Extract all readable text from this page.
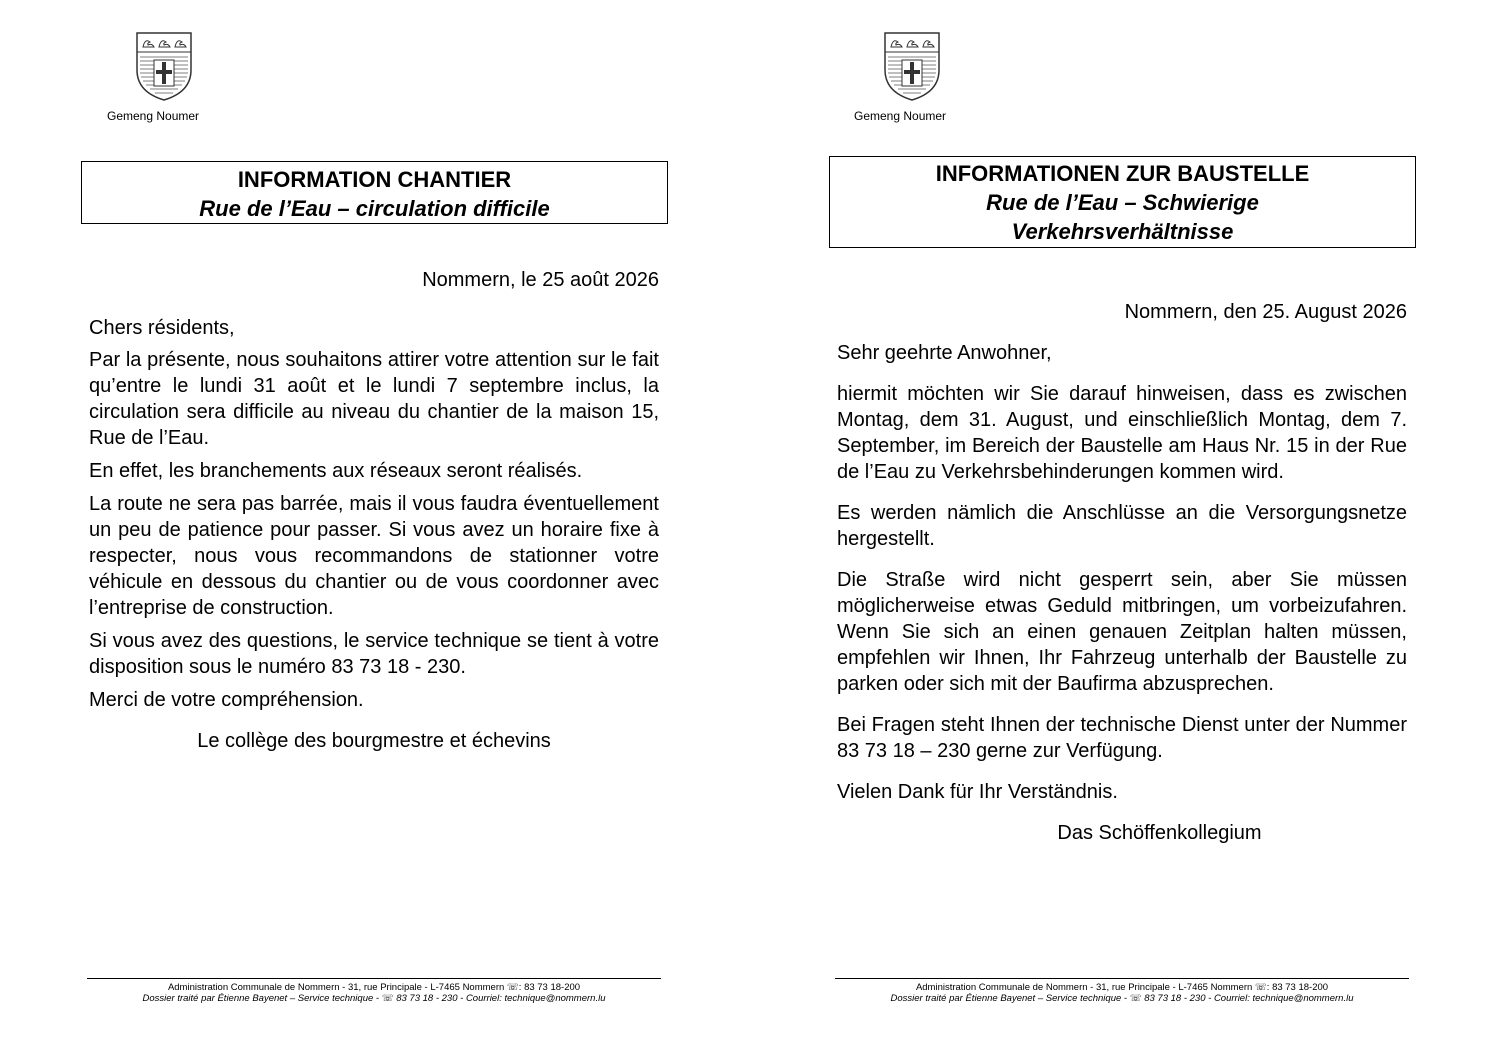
Gemeng Noumer
INFORMATION CHANTIER
Rue de l’Eau – circulation difficile

Nommern, le 25 août 2026

Chers résidents,

Par la présente, nous souhaitons attirer votre attention sur le fait qu’entre le lundi 31 août et le lundi 7 septembre inclus, la circulation sera difficile au niveau du chantier de la maison 15, Rue de l’Eau.

En effet, les branchements aux réseaux seront réalisés.

La route ne sera pas barrée, mais il vous faudra éventuellement un peu de patience pour passer. Si vous avez un horaire fixe à respecter, nous vous recommandons de stationner votre véhicule en dessous du chantier ou de vous coordonner avec l’entreprise de construction.

Si vous avez des questions, le service technique se tient à votre disposition sous le numéro 83 73 18 - 230.

Merci de votre compréhension.

Le collège des bourgmestre et échevins

Administration Communale de Nommern - 31, rue Principale - L-7465 Nommern ☏: 83 73 18-200
Dossier traité par Étienne Bayenet – Service technique - ☏ 83 73 18 - 230 - Courriel: technique@nommern.lu
Gemeng Noumer
INFORMATIONEN ZUR BAUSTELLE
Rue de l’Eau – Schwierige
Verkehrsverhältnisse

Nommern, den 25. August 2026

Sehr geehrte Anwohner,

hiermit möchten wir Sie darauf hinweisen, dass es zwischen Montag, dem 31. August, und einschließlich Montag, dem 7. September, im Bereich der Baustelle am Haus Nr. 15 in der Rue de l’Eau zu Verkehrsbehinderungen kommen wird.

Es werden nämlich die Anschlüsse an die Versorgungsnetze hergestellt.

Die Straße wird nicht gesperrt sein, aber Sie müssen möglicherweise etwas Geduld mitbringen, um vorbeizufahren. Wenn Sie sich an einen genauen Zeitplan halten müssen, empfehlen wir Ihnen, Ihr Fahrzeug unterhalb der Baustelle zu parken oder sich mit der Baufirma abzusprechen.

Bei Fragen steht Ihnen der technische Dienst unter der Nummer 83 73 18 – 230 gerne zur Verfügung.

Vielen Dank für Ihr Verständnis.

Das Schöffenkollegium

Administration Communale de Nommern - 31, rue Principale - L-7465 Nommern ☏: 83 73 18-200
Dossier traité par Étienne Bayenet – Service technique - ☏ 83 73 18 - 230 - Courriel: technique@nommern.lu
